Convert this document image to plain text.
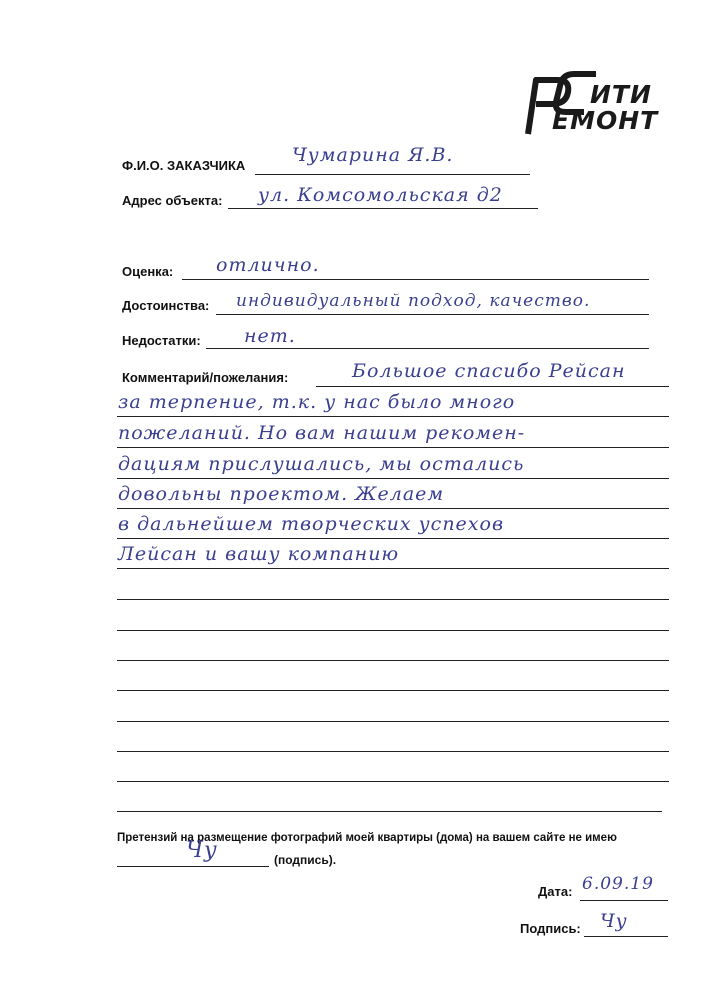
ИТИ
ЕМОНТ
Ф.И.О. ЗАКАЗЧИКА Чумарина Я.В.
Адрес объекта: ул. Комсомольская д2
Оценка: отлично.
Достоинства: индивидуальный подход, качество.
Недостатки: нет.
Комментарий/пожелания:	Большое спасибо Рейсан
за терпение, т.к. у нас было много
пожеланий. Но вам нашим рекомен-
дациям прислушались, мы остались
довольны проектом. Желаем
в дальнейшем творческих успехов
Лейсан и вашу компанию
Претензий на размещение фотографий моей квартиры (дома) на вашем сайте не имею
Чу	(подпись).
Дата: 6.09.19
Подпись: Чу
